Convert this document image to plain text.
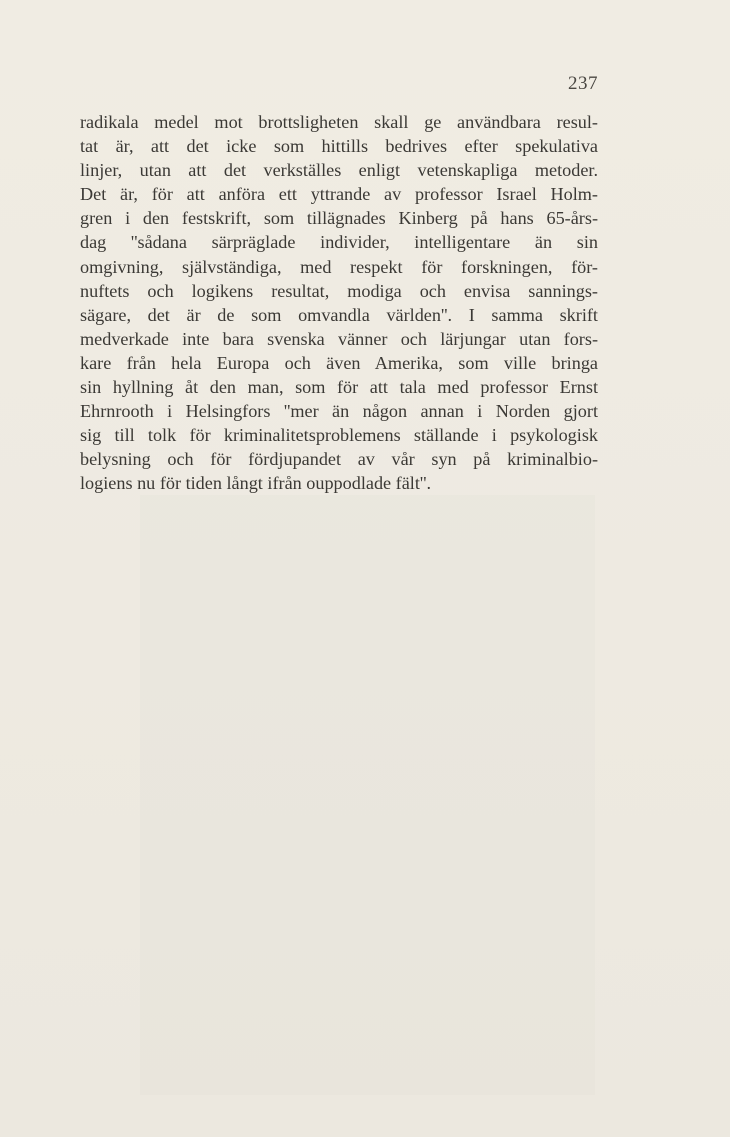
237
radikala medel mot brottsligheten skall ge användbara resul-
tat är, att det icke som hittills bedrives efter spekulativa
linjer, utan att det verkställes enligt vetenskapliga metoder.
Det är, för att anföra ett yttrande av professor Israel Holm-
gren i den festskrift, som tillägnades Kinberg på hans 65-års-
dag ''sådana särpräglade individer, intelligentare än sin
omgivning, självständiga, med respekt för forskningen, för-
nuftets och logikens resultat, modiga och envisa sannings-
sägare, det är de som omvandla världen''. I samma skrift
medverkade inte bara svenska vänner och lärjungar utan fors-
kare från hela Europa och även Amerika, som ville bringa
sin hyllning åt den man, som för att tala med professor Ernst
Ehrnrooth i Helsingfors ''mer än någon annan i Norden gjort
sig till tolk för kriminalitetsproblemens ställande i psykologisk
belysning och för fördjupandet av vår syn på kriminalbio-
logiens nu för tiden långt ifrån ouppodlade fält''.
